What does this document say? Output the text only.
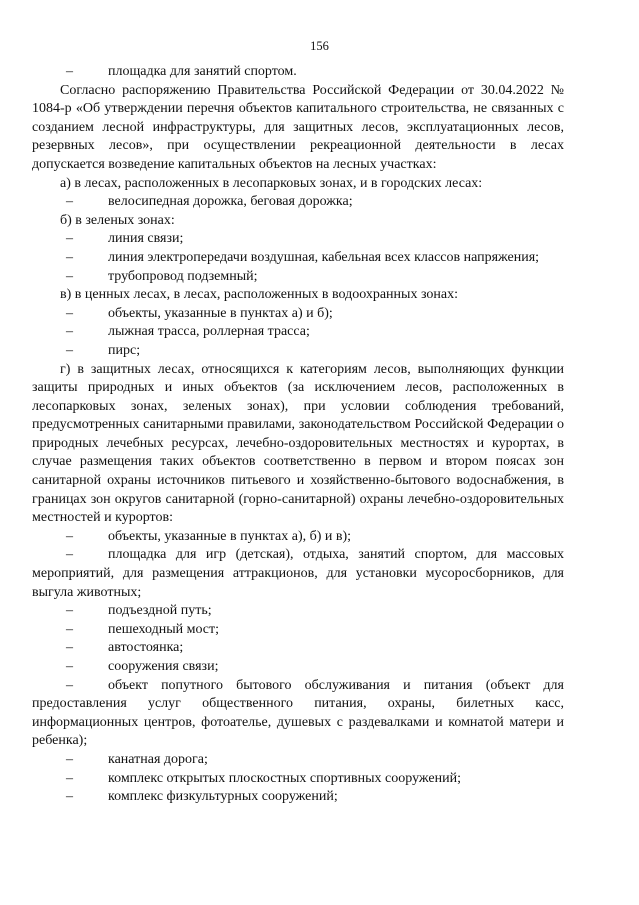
156
–	площадка для занятий спортом.
Согласно распоряжению Правительства Российской Федерации от 30.04.2022 № 1084-р «Об утверждении перечня объектов капитального строительства, не связанных с созданием лесной инфраструктуры, для защитных лесов, эксплуатационных лесов, резервных лесов», при осуществлении рекреационной деятельности в лесах допускается возведение капитальных объектов на лесных участках:
а) в лесах, расположенных в лесопарковых зонах, и в городских лесах:
–	велосипедная дорожка, беговая дорожка;
б) в зеленых зонах:
–	линия связи;
–	линия электропередачи воздушная, кабельная всех классов напряжения;
–	трубопровод подземный;
в) в ценных лесах, в лесах, расположенных в водоохранных зонах:
–	объекты, указанные в пунктах а) и б);
–	лыжная трасса, роллерная трасса;
–	пирс;
г) в защитных лесах, относящихся к категориям лесов, выполняющих функции защиты природных и иных объектов (за исключением лесов, расположенных в лесопарковых зонах, зеленых зонах), при условии соблюдения требований, предусмотренных санитарными правилами, законодательством Российской Федерации о природных лечебных ресурсах, лечебно-оздоровительных местностях и курортах, в случае размещения таких объектов соответственно в первом и втором поясах зон санитарной охраны источников питьевого и хозяйственно-бытового водоснабжения, в границах зон округов санитарной (горно-санитарной) охраны лечебно-оздоровительных местностей и курортов:
–	объекты, указанные в пунктах а), б) и в);
–	площадка для игр (детская), отдыха, занятий спортом, для массовых мероприятий, для размещения аттракционов, для установки мусоросборников, для выгула животных;
–	подъездной путь;
–	пешеходный мост;
–	автостоянка;
–	сооружения связи;
–	объект попутного бытового обслуживания и питания (объект для предоставления услуг общественного питания, охраны, билетных касс, информационных центров, фотоателье, душевых с раздевалками и комнатой матери и ребенка);
–	канатная дорога;
–	комплекс открытых плоскостных спортивных сооружений;
–	комплекс физкультурных сооружений;
